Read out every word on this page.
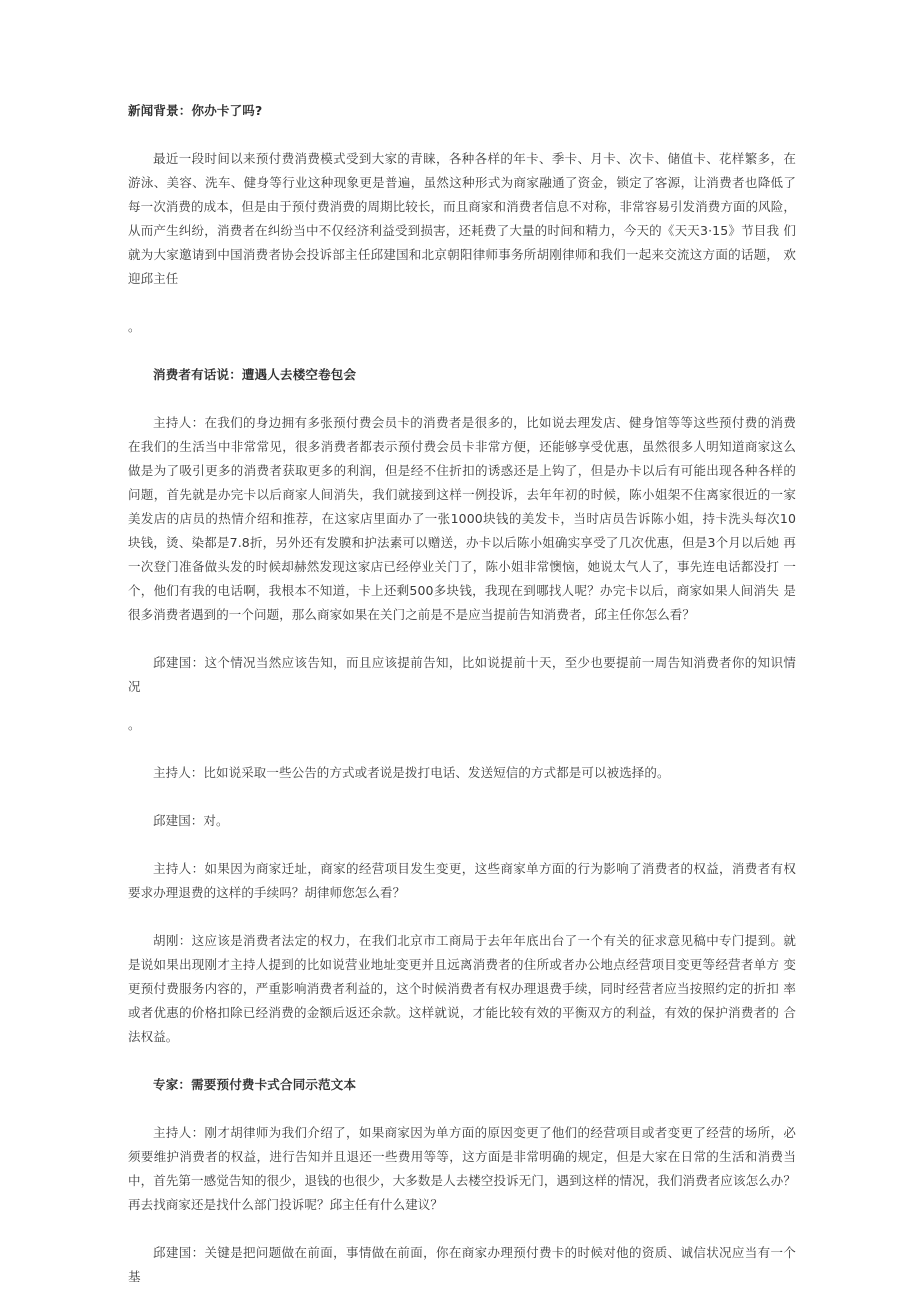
新闻背景：你办卡了吗?

最近一段时间以来预付费消费模式受到大家的青睐，各种各样的年卡、季卡、月卡、次卡、储值卡、花样繁多，在 游泳、美容、洗车、健身等行业这种现象更是普遍，虽然这种形式为商家融通了资金，锁定了客源，让消费者也降低了 每一次消费的成本，但是由于预付费消费的周期比较长，而且商家和消费者信息不对称，非常容易引发消费方面的风险， 从而产生纠纷，消费者在纠纷当中不仅经济利益受到损害，还耗费了大量的时间和精力，今天的《天天3·15》节目我 们就为大家邀请到中国消费者协会投诉部主任邱建国和北京朝阳律师事务所胡刚律师和我们一起来交流这方面的话题， 欢迎邱主任

。

消费者有话说：遭遇人去楼空卷包会

主持人：在我们的身边拥有多张预付费会员卡的消费者是很多的，比如说去理发店、健身馆等等这些预付费的消费 在我们的生活当中非常常见，很多消费者都表示预付费会员卡非常方便，还能够享受优惠，虽然很多人明知道商家这么 做是为了吸引更多的消费者获取更多的利润，但是经不住折扣的诱惑还是上钩了，但是办卡以后有可能出现各种各样的 问题，首先就是办完卡以后商家人间消失，我们就接到这样一例投诉，去年年初的时候，陈小姐架不住离家很近的一家 美发店的店员的热情介绍和推荐，在这家店里面办了一张1000块钱的美发卡，当时店员告诉陈小姐，持卡洗头每次10 块钱，烫、染都是7.8折，另外还有发膜和护法素可以赠送，办卡以后陈小姐确实享受了几次优惠，但是3个月以后她 再一次登门准备做头发的时候却赫然发现这家店已经停业关门了，陈小姐非常懊恼，她说太气人了，事先连电话都没打 一个，他们有我的电话啊，我根本不知道，卡上还剩500多块钱，我现在到哪找人呢？办完卡以后，商家如果人间消失 是很多消费者遇到的一个问题，那么商家如果在关门之前是不是应当提前告知消费者，邱主任你怎么看？

邱建国：这个情况当然应该告知，而且应该提前告知，比如说提前十天，至少也要提前一周告知消费者你的知识情 况

。

主持人：比如说采取一些公告的方式或者说是拨打电话、发送短信的方式都是可以被选择的。

邱建国：对。

主持人：如果因为商家迁址，商家的经营项目发生变更，这些商家单方面的行为影响了消费者的权益，消费者有权 要求办理退费的这样的手续吗？胡律师您怎么看？

胡刚：这应该是消费者法定的权力，在我们北京市工商局于去年年底出台了一个有关的征求意见稿中专门提到。就 是说如果出现刚才主持人提到的比如说营业地址变更并且远离消费者的住所或者办公地点经营项目变更等经营者单方 变更预付费服务内容的，严重影响消费者利益的，这个时候消费者有权办理退费手续，同时经营者应当按照约定的折扣 率或者优惠的价格扣除已经消费的金额后返还余款。这样就说，才能比较有效的平衡双方的利益，有效的保护消费者的 合法权益。

专家：需要预付费卡式合同示范文本

主持人：刚才胡律师为我们介绍了，如果商家因为单方面的原因变更了他们的经营项目或者变更了经营的场所，必 须要维护消费者的权益，进行告知并且退还一些费用等等，这方面是非常明确的规定，但是大家在日常的生活和消费当 中，首先第一感觉告知的很少，退钱的也很少，大多数是人去楼空投诉无门，遇到这样的情况，我们消费者应该怎么办？ 再去找商家还是找什么部门投诉呢？邱主任有什么建议？

邱建国：关键是把问题做在前面，事情做在前面，你在商家办理预付费卡的时候对他的资质、诚信状况应当有一个 基
